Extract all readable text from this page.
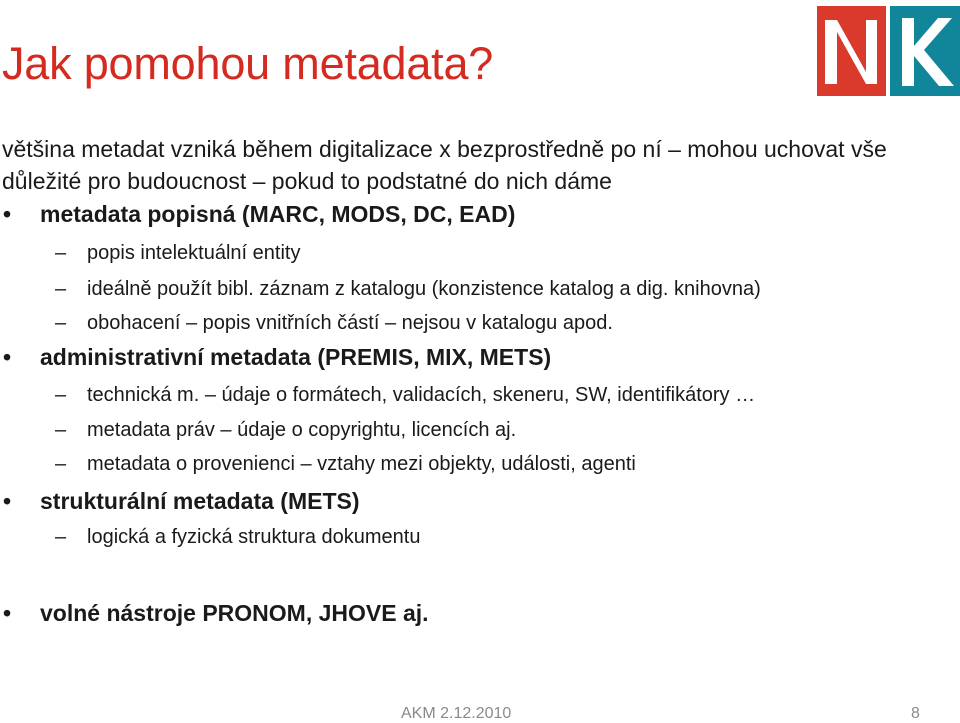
Jak pomohou metadata?
většina metadat vzniká během digitalizace x bezprostředně po ní – mohou uchovat vše důležité pro budoucnost – pokud to podstatné do nich dáme
• metadata popisná (MARC, MODS, DC, EAD)
– popis intelektuální entity
– ideálně použít bibl. záznam z katalogu (konzistence katalog a dig. knihovna)
– obohacení – popis vnitřních částí – nejsou v katalogu apod.
• administrativní metadata (PREMIS, MIX, METS)
– technická m. – údaje o formátech, validacích, skeneru, SW, identifikátory …
– metadata práv – údaje o copyrightu, licencích aj.
– metadata o provenienci – vztahy mezi objekty, události, agenti
• strukturální metadata (METS)
– logická a fyzická struktura dokumentu
• volné nástroje PRONOM, JHOVE aj.
AKM 2.12.2010	8
